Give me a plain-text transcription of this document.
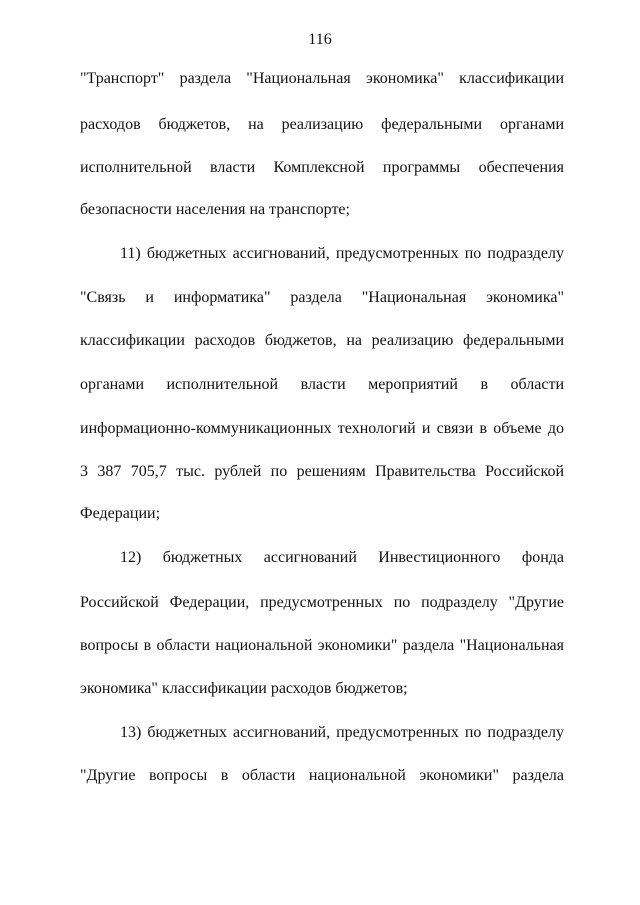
116
"Транспорт" раздела "Национальная экономика" классификации
расходов бюджетов, на реализацию федеральными органами
исполнительной власти Комплексной программы обеспечения
безопасности населения на транспорте;
11) бюджетных ассигнований, предусмотренных по подразделу
"Связь и информатика" раздела "Национальная экономика"
классификации расходов бюджетов, на реализацию федеральными
органами исполнительной власти мероприятий в области
информационно-коммуникационных технологий и связи в объеме до
3 387 705,7 тыс. рублей по решениям Правительства Российской
Федерации;
12) бюджетных ассигнований Инвестиционного фонда
Российской Федерации, предусмотренных по подразделу "Другие
вопросы в области национальной экономики" раздела "Национальная
экономика" классификации расходов бюджетов;
13) бюджетных ассигнований, предусмотренных по подразделу
"Другие вопросы в области национальной экономики" раздела
